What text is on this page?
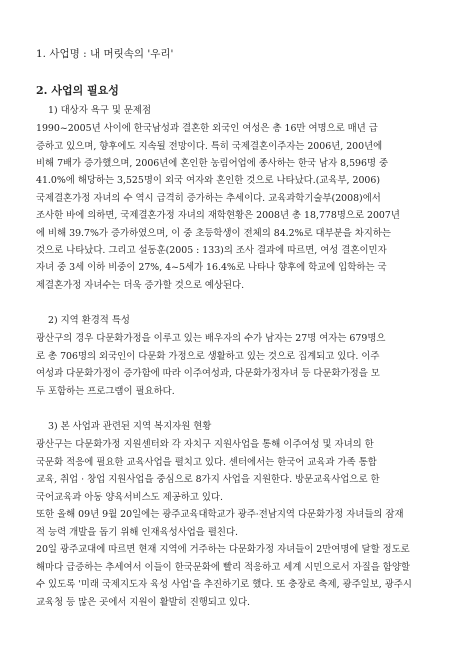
1. 사업명 : 내 머릿속의 '우리'
2. 사업의 필요성
1) 대상자 욕구 및 문제점
1990~2005년 사이에 한국남성과 결혼한 외국인 여성은 총 16만 여명으로 매년 급
증하고 있으며, 향후에도 지속될 전망이다. 특히 국제결혼이주자는 2006년, 200년에
비해 7배가 증가했으며, 2006년에 혼인한 농림어업에 종사하는 한국 남자 8,596명 중
41.0%에 해당하는 3,525명이 외국 여자와 혼인한 것으로 나타났다.(교육부, 2006)
국제결혼가정 자녀의 수 역시 급격히 증가하는 추세이다. 교육과학기술부(2008)에서
조사한 바에 의하면, 국제결혼가정 자녀의 재학현황은 2008년 총 18,778명으로 2007년
에 비해 39.7%가 증가하였으며, 이 중 초등학생이 전체의 84.2%로 대부분을 차지하는
것으로 나타났다. 그리고 설동훈(2005 : 133)의 조사 결과에 따르면, 여성 결혼이민자
자녀 중 3세 이하 비중이 27%, 4~5세가 16.4%로 나타나 향후에 학교에 입학하는 국
제결혼가정 자녀수는 더욱 증가할 것으로 예상된다.
2) 지역 환경적 특성
광산구의 경우 다문화가정을 이루고 있는 배우자의 수가 남자는 27명 여자는 679명으
로 총 706명의 외국인이 다문화 가정으로 생활하고 있는 것으로 집계되고 있다. 이주
여성과 다문화가정이 증가함에 따라 이주여성과, 다문화가정자녀 등 다문화가정을 모
두 포함하는 프로그램이 필요하다.
3) 본 사업과 관련된 지역 복지자원 현황
광산구는 다문화가정 지원센터와 각 자치구 지원사업을 통해 이주여성 및 자녀의 한
국문화 적응에 필요한 교육사업을 펼치고 있다. 센터에서는 한국어 교육과 가족 통합
교육, 취업 · 창업 지원사업을 중심으로 8가지 사업을 지원한다. 방문교육사업으로 한
국어교육과 아동 양육서비스도 제공하고 있다.
또한 올해 09년 9월 20일에는 광주교육대학교가 광주·전남지역 다문화가정 자녀들의 잠재
적 능력 개발을 돕기 위해 인재육성사업을 펼친다.
20일 광주교대에 따르면 현재 지역에 거주하는 다문화가정 자녀들이 2만여명에 달할 정도로
해마다 급증하는 추세여서 이들이 한국문화에 빨리 적응하고 세계 시민으로서 자질을 함양할
수 있도록 '미래 국제지도자 육성 사업'을 추진하기로 했다. 또 충장로 축제, 광주일보, 광주시
교육청 등 많은 곳에서 지원이 활발히 진행되고 있다.
